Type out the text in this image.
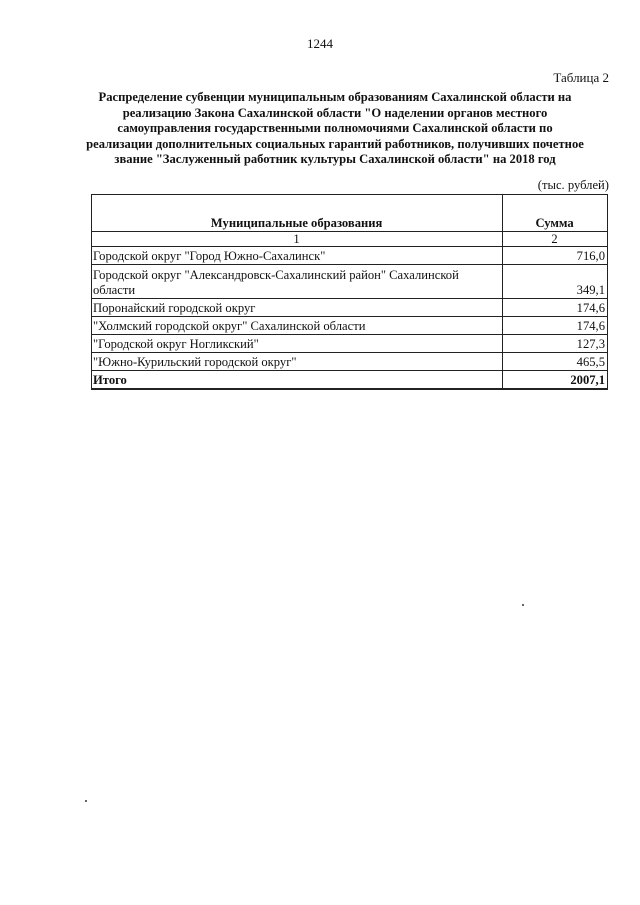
1244
Таблица 2
Распределение субвенции муниципальным образованиям Сахалинской области на
реализацию Закона Сахалинской области "О наделении органов местного
самоуправления государственными полномочиями Сахалинской области по
реализации дополнительных социальных гарантий работников, получивших почетное
звание "Заслуженный работник культуры Сахалинской области" на 2018 год
(тыс. рублей)
Муниципальные образования	Сумма
1	2
Городской округ "Город Южно-Сахалинск"	716,0

Городской округ "Александровск-Сахалинский район" Сахалинской
области	349,1
Поронайский городской округ	174,6
"Холмский городской округ" Сахалинской области	174,6
"Городской округ Ногликский"	127,3
"Южно-Курильский городской округ"	465,5
Итого	2007,1
